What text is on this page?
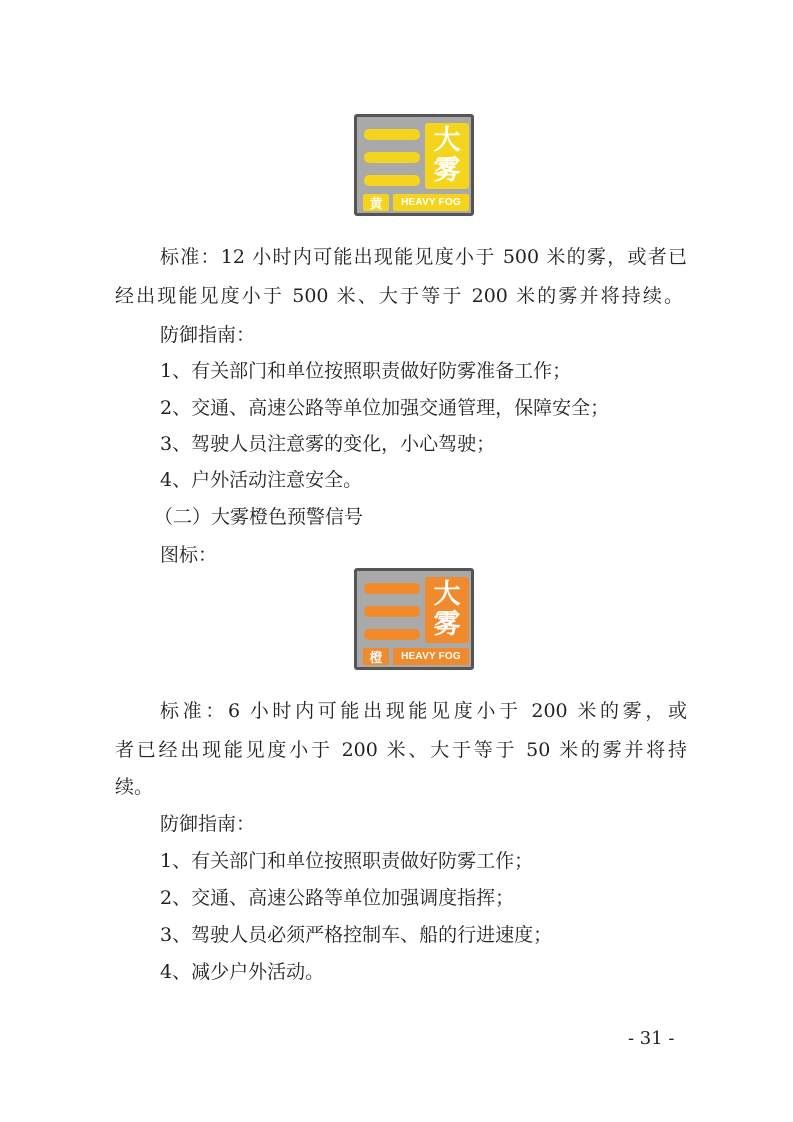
大
雾
黄	HEAVY FOG
标准：12 小时内可能出现能见度小于 500 米的雾，或者已
经出现能见度小于 500 米、大于等于 200 米的雾并将持续。
防御指南：
1、有关部门和单位按照职责做好防雾准备工作；
2、交通、高速公路等单位加强交通管理，保障安全；
3、驾驶人员注意雾的变化，小心驾驶；
4、户外活动注意安全。
（二）大雾橙色预警信号
图标：
大
雾
橙	HEAVY FOG
标准：6 小时内可能出现能见度小于 200 米的雾，或
者已经出现能见度小于 200 米、大于等于 50 米的雾并将持
续。
防御指南：
1、有关部门和单位按照职责做好防雾工作；
2、交通、高速公路等单位加强调度指挥；
3、驾驶人员必须严格控制车、船的行进速度；
4、减少户外活动。
- 31 -
